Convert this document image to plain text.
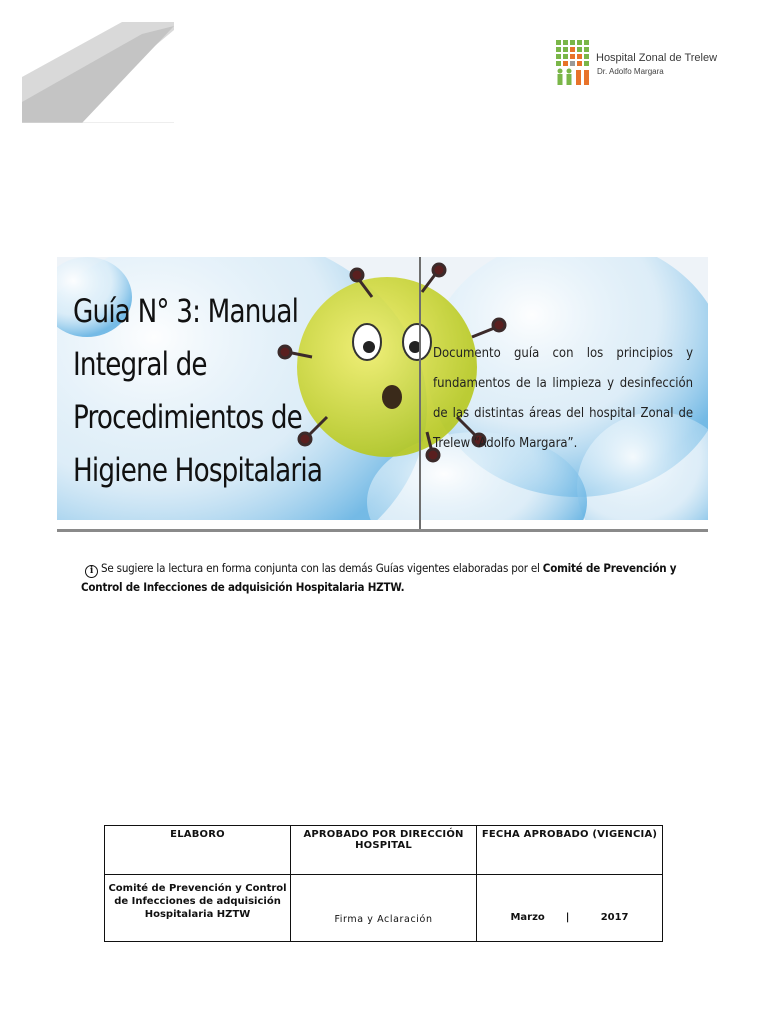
Hospital Zonal de Trelew
Dr. Adolfo Margara
Guía N° 3: Manual
Integral de
Procedimientos de
Higiene Hospitalaria
Documento guía con los principios y fundamentos de la limpieza y desinfección de las distintas áreas del hospital Zonal de Trelew “Adolfo Margara”.
i Se sugiere la lectura en forma conjunta con las demás Guías vigentes elaboradas por el Comité de Prevención y Control de Infecciones de adquisición Hospitalaria HZTW.
ELABORO	APROBADO POR DIRECCIÓN HOSPITAL	FECHA APROBADO (VIGENCIA)

Comité de Prevención y Control de Infecciones de adquisición Hospitalaria HZTW	Firma y Aclaración	Marzo | 2017
